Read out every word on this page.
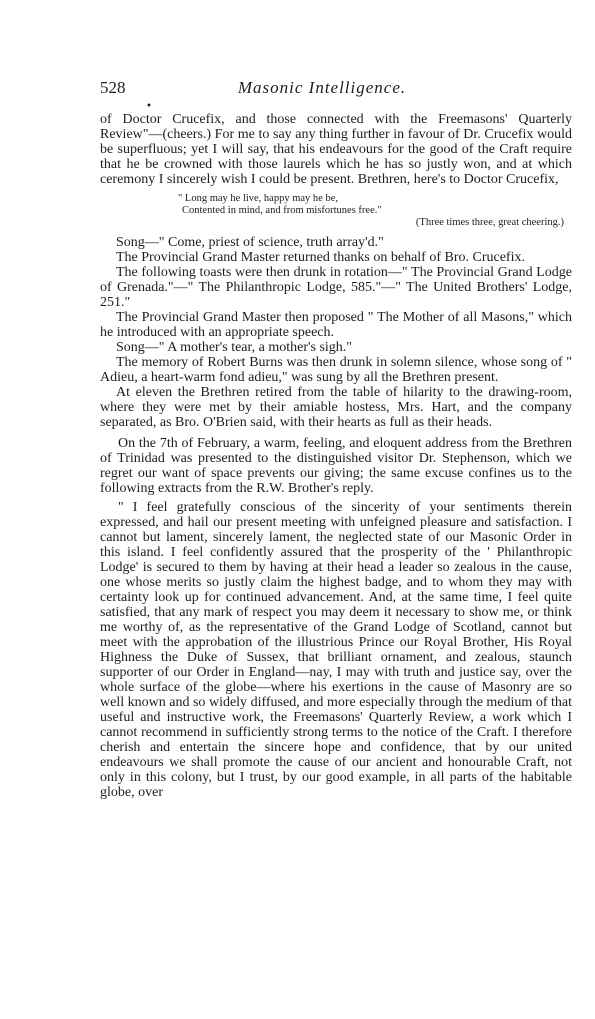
528	Masonic Intelligence.
•

of Doctor Crucefix, and those connected with the Freemasons' Quarterly Review"—(cheers.) For me to say any thing further in favour of Dr. Crucefix would be superfluous; yet I will say, that his endeavours for the good of the Craft require that he be crowned with those laurels which he has so justly won, and at which ceremony I sincerely wish I could be present. Brethren, here's to Doctor Crucefix,

" Long may he live, happy may he be,
Contented in mind, and from misfortunes free."
(Three times three, great cheering.)

Song—" Come, priest of science, truth array'd."

The Provincial Grand Master returned thanks on behalf of Bro. Crucefix.

The following toasts were then drunk in rotation—" The Provincial Grand Lodge of Grenada."—" The Philanthropic Lodge, 585."—" The United Brothers' Lodge, 251."

The Provincial Grand Master then proposed " The Mother of all Masons," which he introduced with an appropriate speech.

Song—" A mother's tear, a mother's sigh."

The memory of Robert Burns was then drunk in solemn silence, whose song of " Adieu, a heart-warm fond adieu," was sung by all the Brethren present.

At eleven the Brethren retired from the table of hilarity to the drawing-room, where they were met by their amiable hostess, Mrs. Hart, and the company separated, as Bro. O'Brien said, with their hearts as full as their heads.

On the 7th of February, a warm, feeling, and eloquent address from the Brethren of Trinidad was presented to the distinguished visitor Dr. Stephenson, which we regret our want of space prevents our giving; the same excuse confines us to the following extracts from the R.W. Brother's reply.

" I feel gratefully conscious of the sincerity of your sentiments therein expressed, and hail our present meeting with unfeigned pleasure and satisfaction. I cannot but lament, sincerely lament, the neglected state of our Masonic Order in this island. I feel confidently assured that the prosperity of the ' Philanthropic Lodge' is secured to them by having at their head a leader so zealous in the cause, one whose merits so justly claim the highest badge, and to whom they may with certainty look up for continued advancement. And, at the same time, I feel quite satisfied, that any mark of respect you may deem it necessary to show me, or think me worthy of, as the representative of the Grand Lodge of Scotland, cannot but meet with the approbation of the illustrious Prince our Royal Brother, His Royal Highness the Duke of Sussex, that brilliant ornament, and zealous, staunch supporter of our Order in England—nay, I may with truth and justice say, over the whole surface of the globe—where his exertions in the cause of Masonry are so well known and so widely diffused, and more especially through the medium of that useful and instructive work, the Freemasons' Quarterly Review, a work which I cannot recommend in sufficiently strong terms to the notice of the Craft. I therefore cherish and entertain the sincere hope and confidence, that by our united endeavours we shall promote the cause of our ancient and honourable Craft, not only in this colony, but I trust, by our good example, in all parts of the habitable globe, over
